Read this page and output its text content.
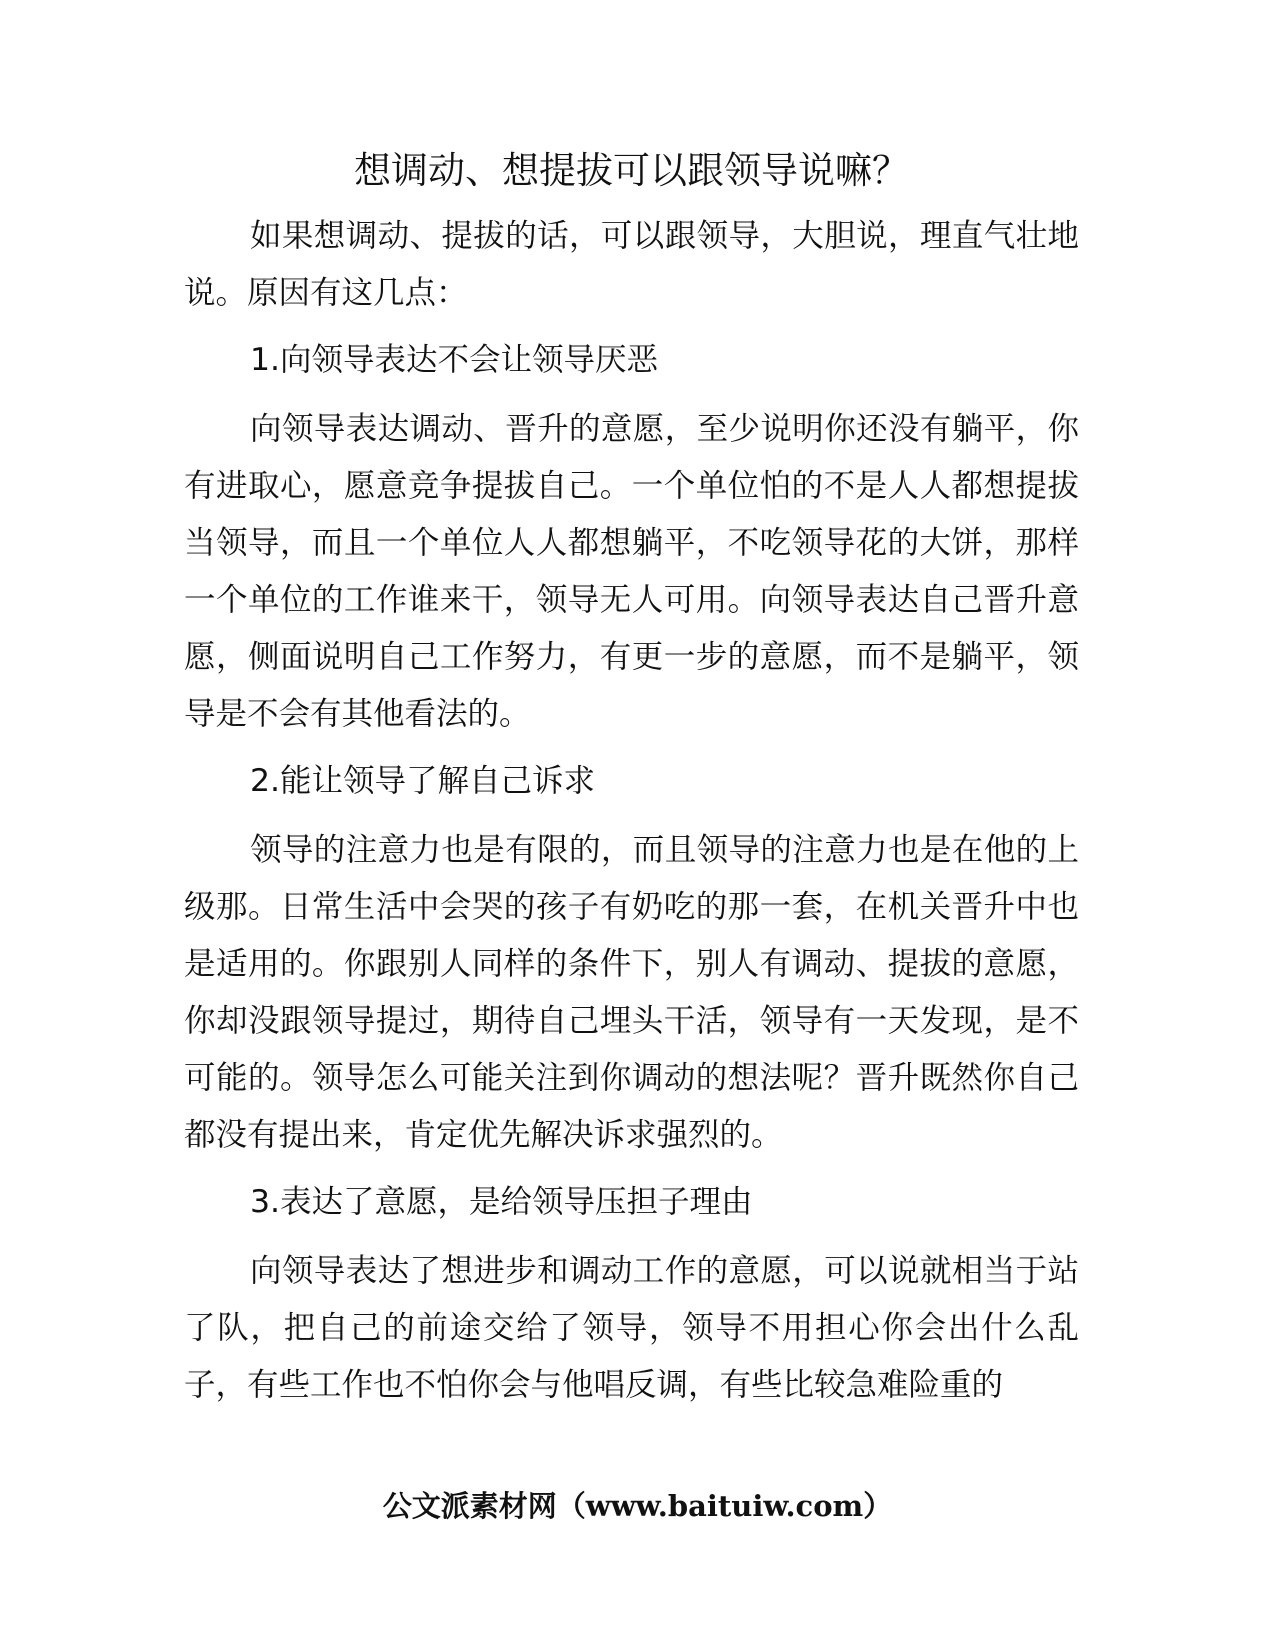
想调动、想提拔可以跟领导说嘛？

如果想调动、提拔的话，可以跟领导，大胆说，理直气壮地说。原因有这几点：

1.向领导表达不会让领导厌恶

向领导表达调动、晋升的意愿，至少说明你还没有躺平，你有进取心，愿意竞争提拔自己。一个单位怕的不是人人都想提拔当领导，而且一个单位人人都想躺平，不吃领导花的大饼，那样一个单位的工作谁来干，领导无人可用。向领导表达自己晋升意愿，侧面说明自己工作努力，有更一步的意愿，而不是躺平，领导是不会有其他看法的。

2.能让领导了解自己诉求

领导的注意力也是有限的，而且领导的注意力也是在他的上级那。日常生活中会哭的孩子有奶吃的那一套，在机关晋升中也是适用的。你跟别人同样的条件下，别人有调动、提拔的意愿，你却没跟领导提过，期待自己埋头干活，领导有一天发现，是不可能的。领导怎么可能关注到你调动的想法呢？晋升既然你自己都没有提出来，肯定优先解决诉求强烈的。

3.表达了意愿，是给领导压担子理由

向领导表达了想进步和调动工作的意愿，可以说就相当于站了队，把自己的前途交给了领导，领导不用担心你会出什么乱子，有些工作也不怕你会与他唱反调，有些比较急难险重的

公文派素材网（www.baituiw.com）
